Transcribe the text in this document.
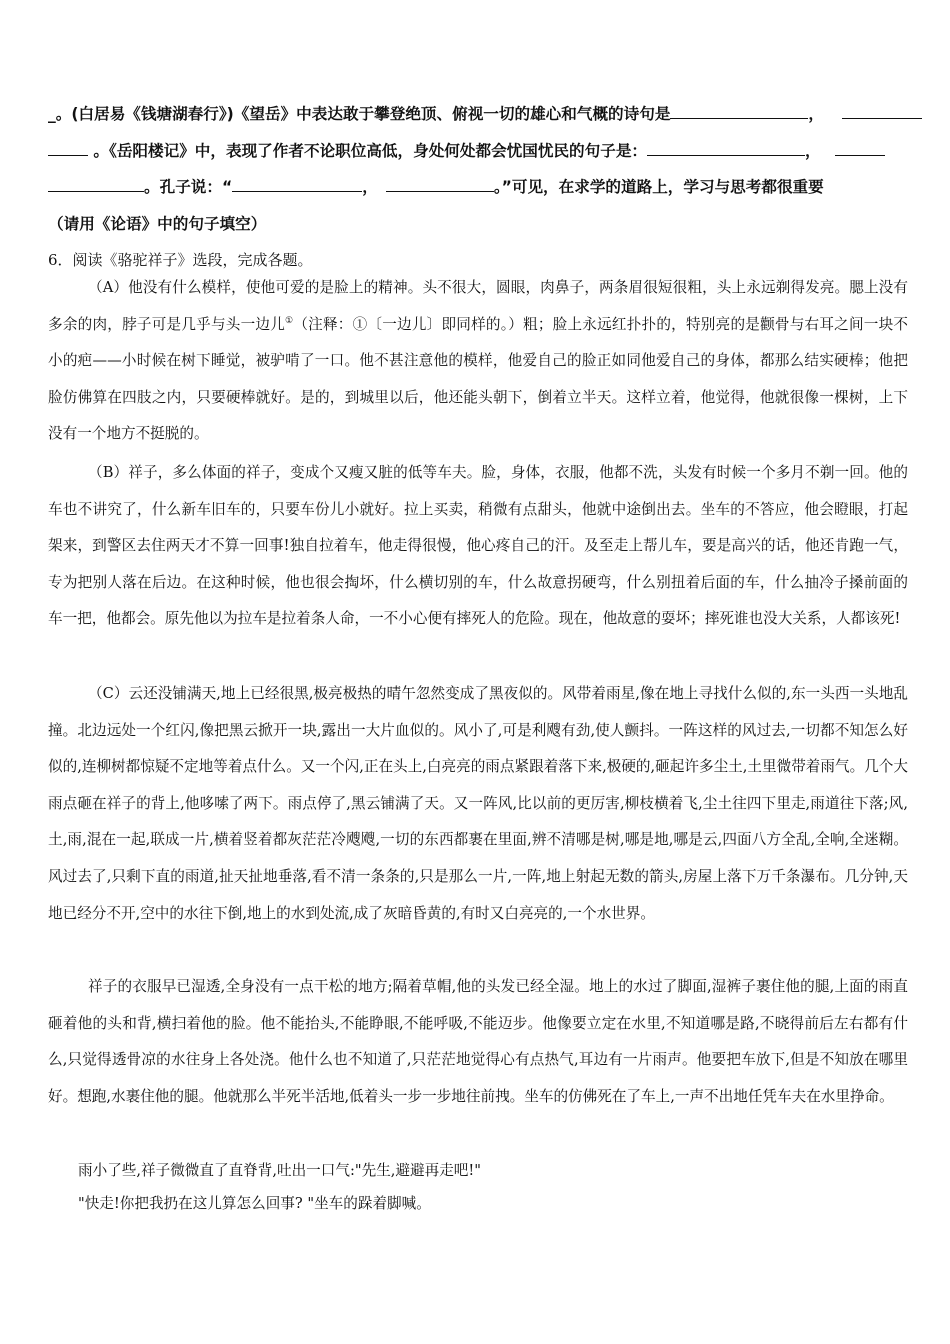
_。(白居易《钱塘湖春行》)《望岳》中表达敢于攀登绝顶、俯视一切的雄心和气概的诗句是	，
。《岳阳楼记》中，表现了作者不论职位高低，身处何处都会忧国忧民的句子是：	，
。孔子说：“	，	。”可见，在求学的道路上，学习与思考都很重要
（请用《论语》中的句子填空）
6．阅读《骆驼祥子》选段，完成各题。

（A）他没有什么模样，使他可爱的是脸上的精神。头不很大，圆眼，肉鼻子，两条眉很短很粗，头上永远剃得发亮。腮上没有多余的肉，脖子可是几乎与头一边儿①（注释：①〔一边儿〕即同样的。）粗；脸上永远红扑扑的，特别亮的是颧骨与右耳之间一块不小的疤——小时候在树下睡觉，被驴啃了一口。他不甚注意他的模样，他爱自己的脸正如同他爱自己的身体，都那么结实硬棒；他把脸仿佛算在四肢之内，只要硬棒就好。是的，到城里以后，他还能头朝下，倒着立半天。这样立着，他觉得，他就很像一棵树，上下没有一个地方不挺脱的。

（B）祥子，多么体面的祥子，变成个又瘦又脏的低等车夫。脸，身体，衣服，他都不洗，头发有时候一个多月不剃一回。他的车也不讲究了，什么新车旧车的，只要车份儿小就好。拉上买卖，稍微有点甜头，他就中途倒出去。坐车的不答应，他会瞪眼，打起架来，到警区去住两天才不算一回事!独自拉着车，他走得很慢，他心疼自己的汗。及至走上帮儿车，要是高兴的话，他还肯跑一气，专为把别人落在后边。在这种时候，他也很会掏坏，什么横切别的车，什么故意拐硬弯，什么别扭着后面的车，什么抽冷子搡前面的车一把，他都会。原先他以为拉车是拉着条人命，一不小心便有摔死人的危险。现在，他故意的耍坏；摔死谁也没大关系，人都该死!

（C）云还没铺满天,地上已经很黑,极亮极热的晴午忽然变成了黑夜似的。风带着雨星,像在地上寻找什么似的,东一头西一头地乱撞。北边远处一个红闪,像把黑云掀开一块,露出一大片血似的。风小了,可是利飕有劲,使人颤抖。一阵这样的风过去,一切都不知怎么好似的,连柳树都惊疑不定地等着点什么。又一个闪,正在头上,白亮亮的雨点紧跟着落下来,极硬的,砸起许多尘土,土里微带着雨气。几个大雨点砸在祥子的背上,他哆嗦了两下。雨点停了,黑云铺满了天。又一阵风,比以前的更厉害,柳枝横着飞,尘土往四下里走,雨道往下落;风,土,雨,混在一起,联成一片,横着竖着都灰茫茫冷飕飕,一切的东西都裹在里面,辨不清哪是树,哪是地,哪是云,四面八方全乱,全响,全迷糊。风过去了,只剩下直的雨道,扯天扯地垂落,看不清一条条的,只是那么一片,一阵,地上射起无数的箭头,房屋上落下万千条瀑布。几分钟,天地已经分不开,空中的水往下倒,地上的水到处流,成了灰暗昏黄的,有时又白亮亮的,一个水世界。

祥子的衣服早已湿透,全身没有一点干松的地方;隔着草帽,他的头发已经全湿。地上的水过了脚面,湿裤子裹住他的腿,上面的雨直砸着他的头和背,横扫着他的脸。他不能抬头,不能睁眼,不能呼吸,不能迈步。他像要立定在水里,不知道哪是路,不晓得前后左右都有什么,只觉得透骨凉的水往身上各处浇。他什么也不知道了,只茫茫地觉得心有点热气,耳边有一片雨声。他要把车放下,但是不知放在哪里好。想跑,水裹住他的腿。他就那么半死半活地,低着头一步一步地往前拽。坐车的仿佛死在了车上,一声不出地任凭车夫在水里挣命。

雨小了些,祥子微微直了直脊背,吐出一口气:"先生,避避再走吧!"
"快走!你把我扔在这儿算怎么回事? "坐车的跺着脚喊。
